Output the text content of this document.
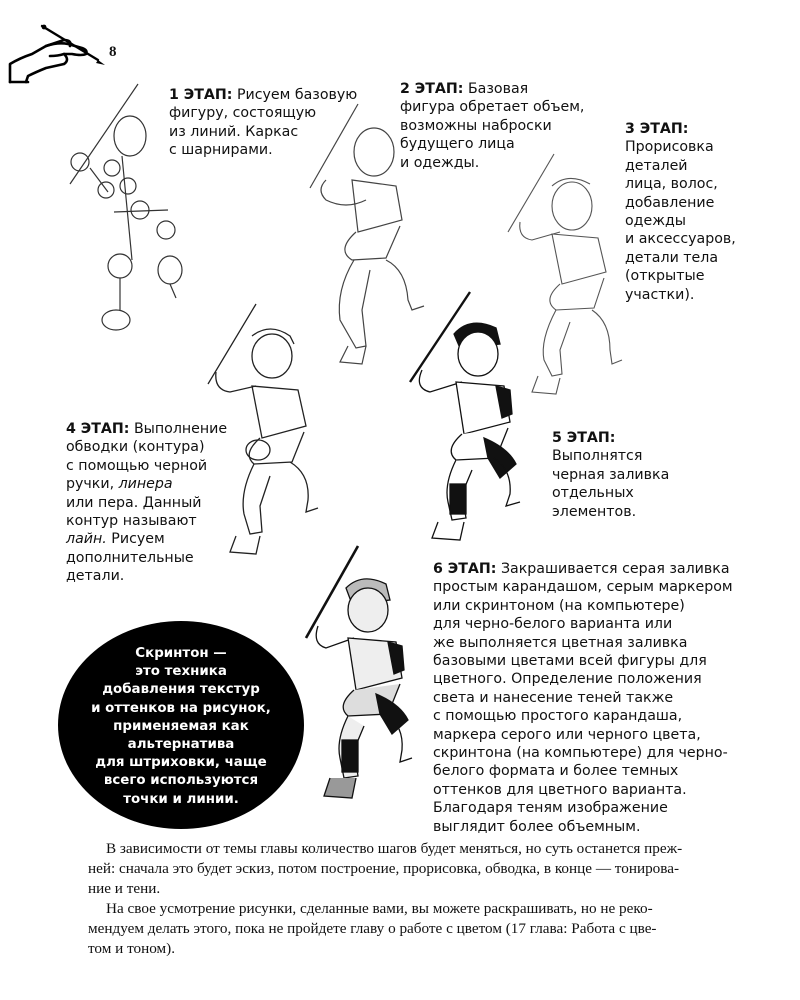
8

1 ЭТАП: Рисуем базовую
фигуру, состоящую
из линий. Каркас
с шарнирами.

2 ЭТАП: Базовая
фигура обретает объем,
возможны наброски
будущего лица
и одежды.

3 ЭТАП:
Прорисовка
деталей
лица, волос,
добавление
одежды
и аксессуаров,
детали тела
(открытые
участки).

4 ЭТАП: Выполнение
обводки (контура)
с помощью черной
ручки, линера
или пера. Данный
контур называют
лайн. Рисуем
дополнительные
детали.

5 ЭТАП:
Выполнятся
черная заливка
отдельных
элементов.

6 ЭТАП: Закрашивается серая заливка
простым карандашом, серым маркером
или скринтоном (на компьютере)
для черно-белого варианта или
же выполняется цветная заливка
базовыми цветами всей фигуры для
цветного. Определение положения
света и нанесение теней также
с помощью простого карандаша,
маркера серого или черного цвета,
скринтона (на компьютере) для черно-
белого формата и более темных
оттенков для цветного варианта.
Благодаря теням изображение
выглядит более объемным.

Скринтон —
это техника
добавления текстур
и оттенков на рисунок,
применяемая как
альтернатива
для штриховки, чаще
всего используются
точки и линии.
В зависимости от темы главы количество шагов будет меняться, но суть останется преж-
ней: сначала это будет эскиз, потом построение, прорисовка, обводка, в конце — тонирова-
ние и тени.
На свое усмотрение рисунки, сделанные вами, вы можете раскрашивать, но не реко-
мендуем делать этого, пока не пройдете главу о работе с цветом (17 глава: Работа с цве-
том и тоном).
